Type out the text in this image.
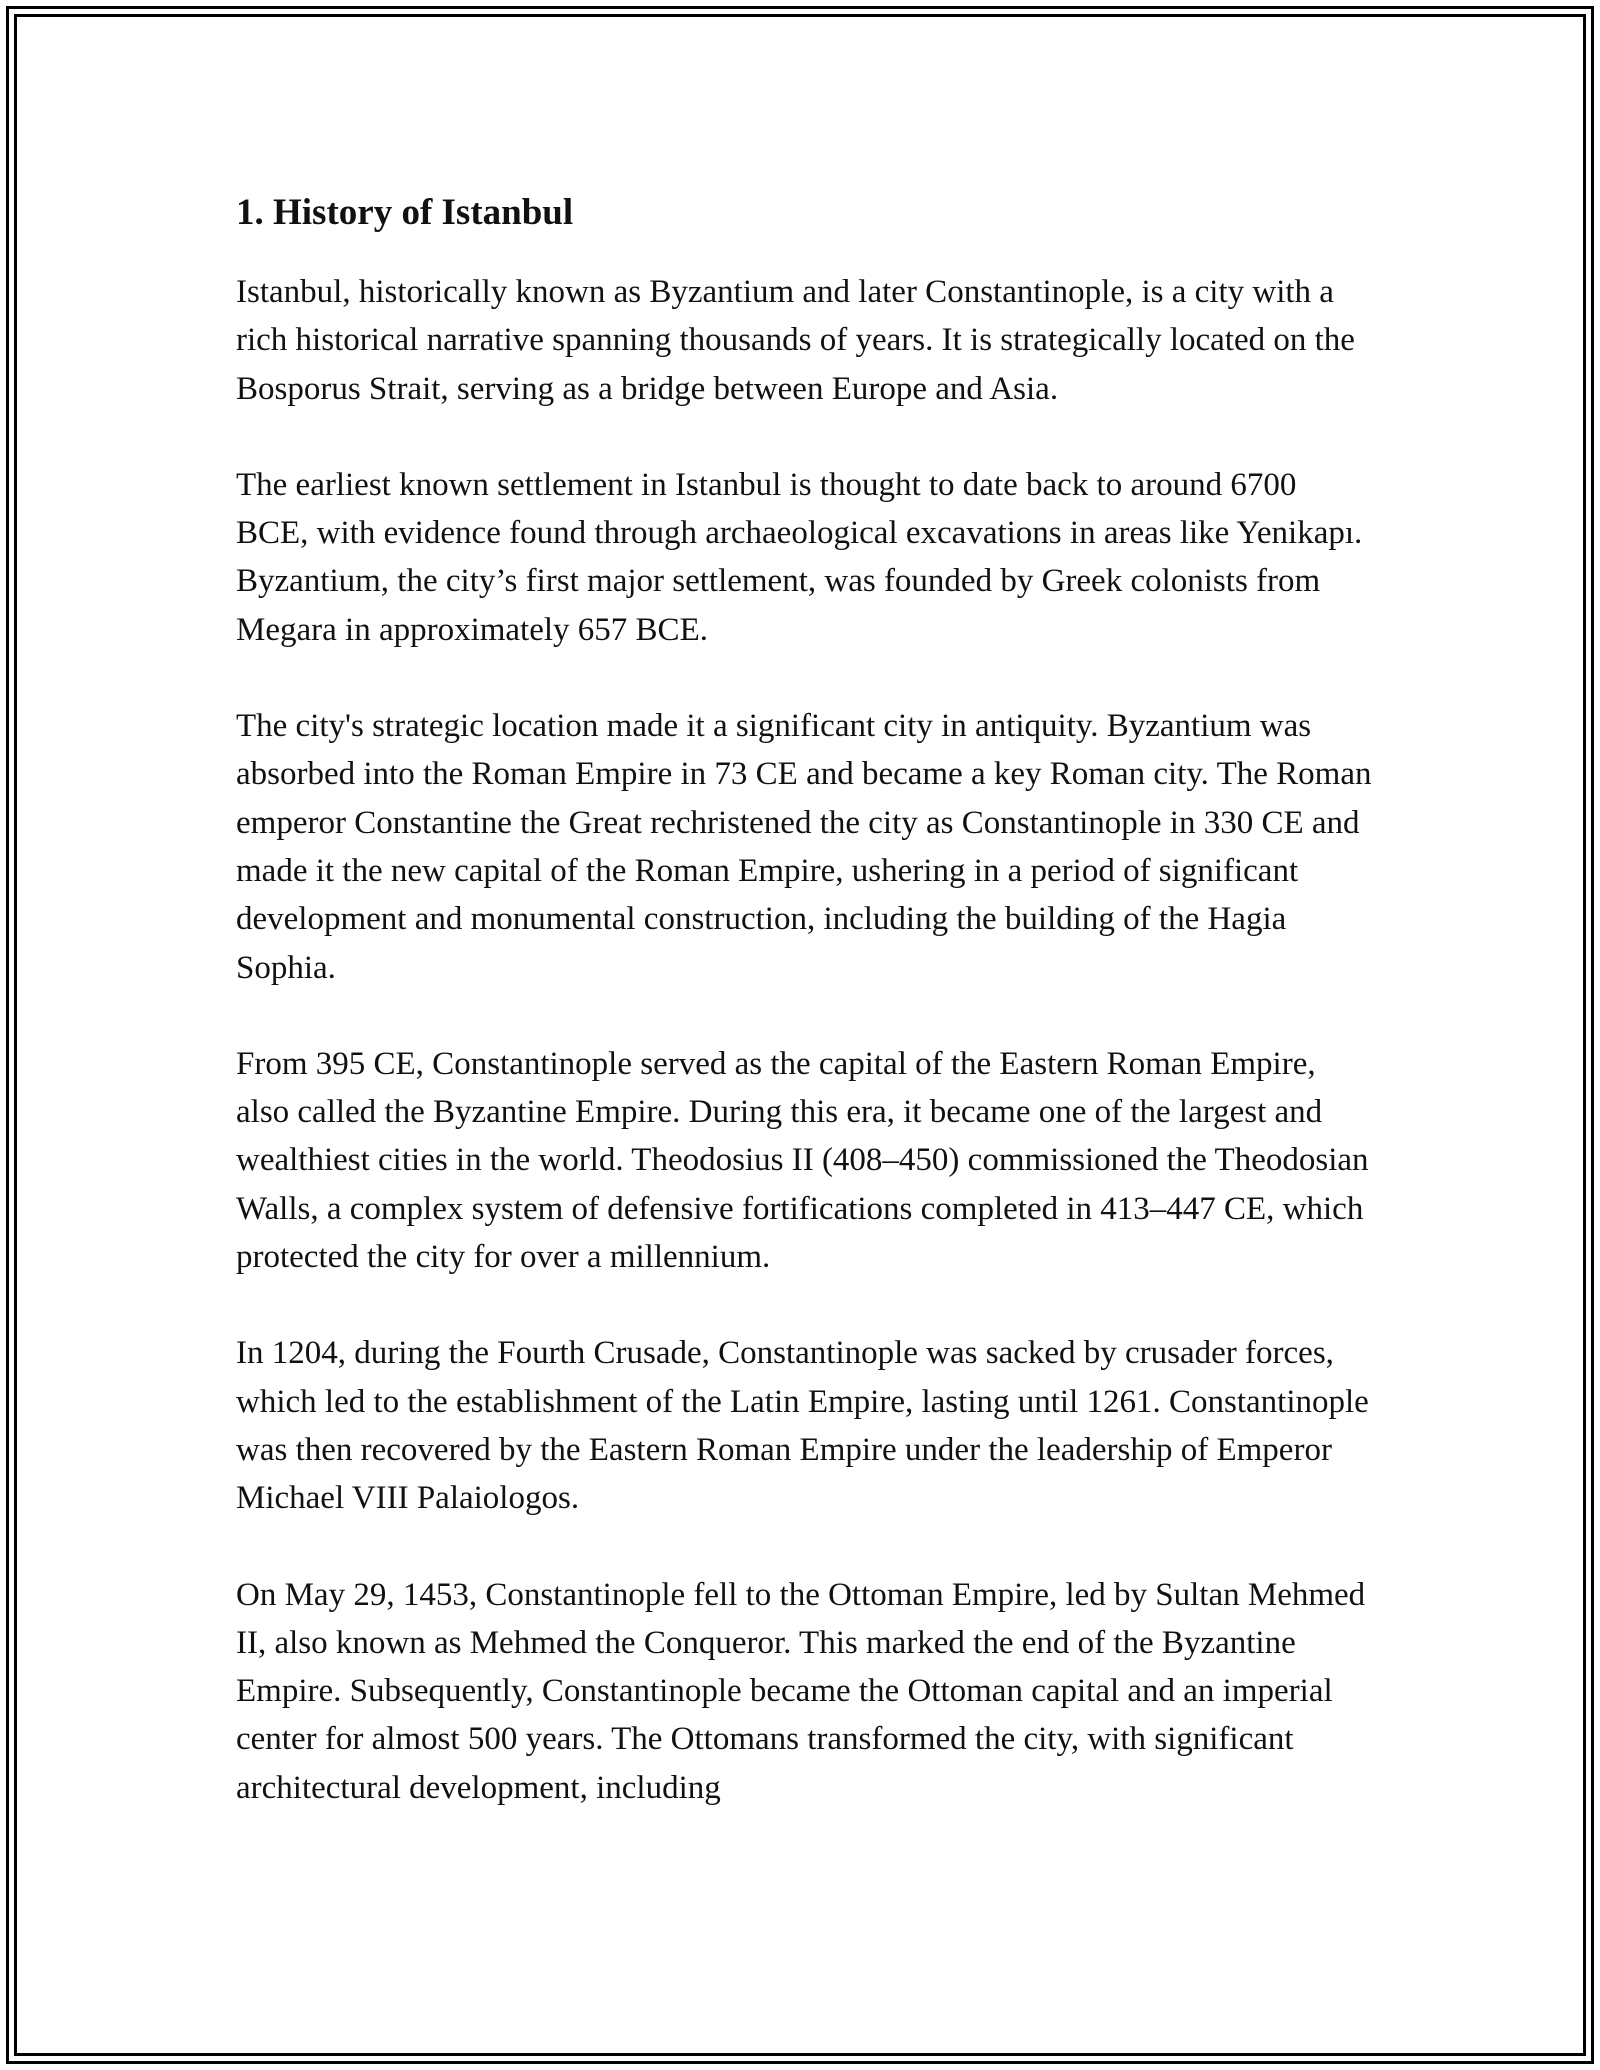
1. History of Istanbul

Istanbul, historically known as Byzantium and later Constantinople, is a city with a rich historical narrative spanning thousands of years. It is strategically located on the Bosporus Strait, serving as a bridge between Europe and Asia.

The earliest known settlement in Istanbul is thought to date back to around 6700 BCE, with evidence found through archaeological excavations in areas like Yenikapı. Byzantium, the city’s first major settlement, was founded by Greek colonists from Megara in approximately 657 BCE.

The city's strategic location made it a significant city in antiquity. Byzantium was absorbed into the Roman Empire in 73 CE and became a key Roman city. The Roman emperor Constantine the Great rechristened the city as Constantinople in 330 CE and made it the new capital of the Roman Empire, ushering in a period of significant development and monumental construction, including the building of the Hagia Sophia.

From 395 CE, Constantinople served as the capital of the Eastern Roman Empire, also called the Byzantine Empire. During this era, it became one of the largest and wealthiest cities in the world. Theodosius II (408–450) commissioned the Theodosian Walls, a complex system of defensive fortifications completed in 413–447 CE, which protected the city for over a millennium.

In 1204, during the Fourth Crusade, Constantinople was sacked by crusader forces, which led to the establishment of the Latin Empire, lasting until 1261. Constantinople was then recovered by the Eastern Roman Empire under the leadership of Emperor Michael VIII Palaiologos.

On May 29, 1453, Constantinople fell to the Ottoman Empire, led by Sultan Mehmed II, also known as Mehmed the Conqueror. This marked the end of the Byzantine Empire. Subsequently, Constantinople became the Ottoman capital and an imperial center for almost 500 years. The Ottomans transformed the city, with significant architectural development, including
